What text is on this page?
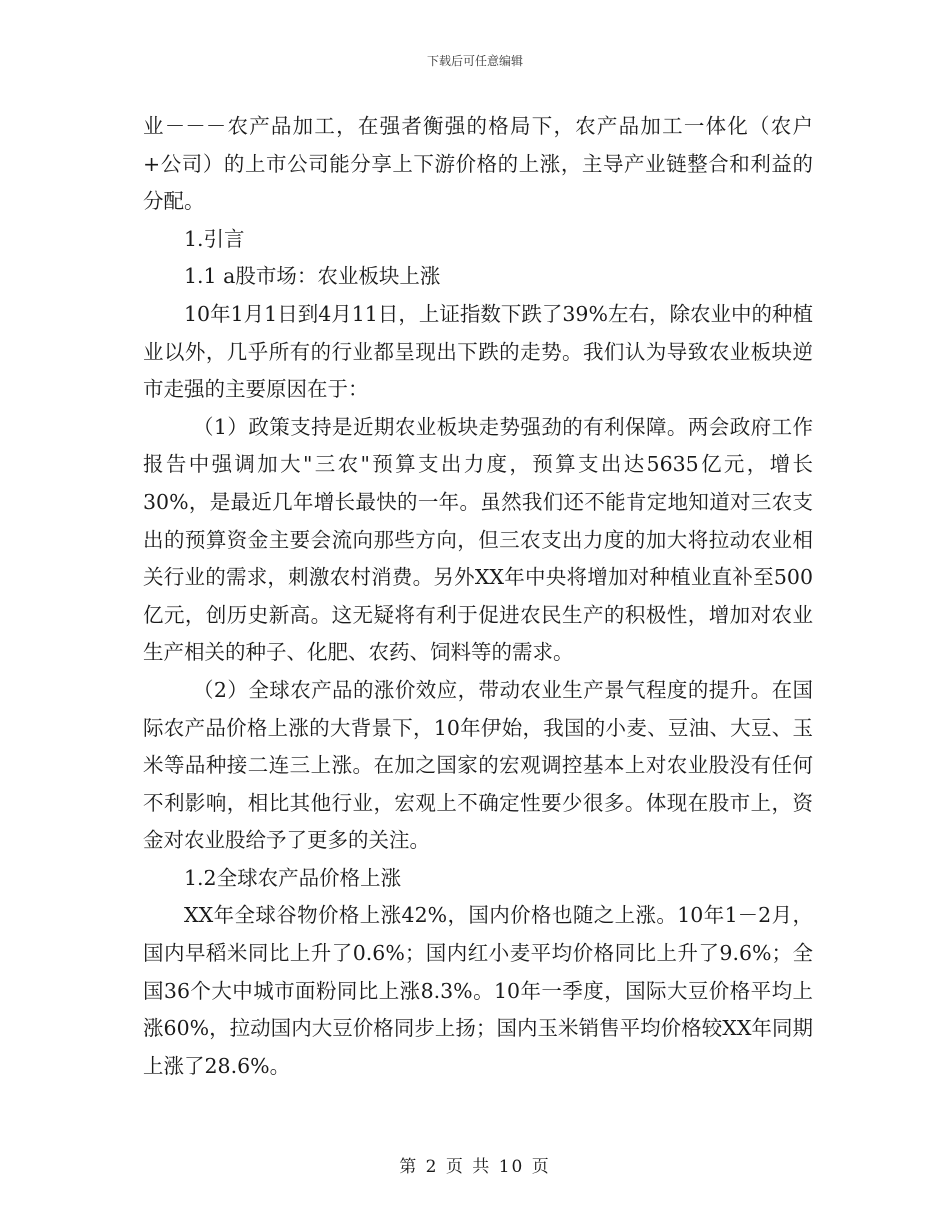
下载后可任意编辑

业－－－农产品加工，在强者衡强的格局下，农产品加工一体化（农户+公司）的上市公司能分享上下游价格的上涨，主导产业链整合和利益的分配。

1.引言

1.1 a股市场：农业板块上涨

10年1月1日到4月11日，上证指数下跌了39%左右，除农业中的种植业以外，几乎所有的行业都呈现出下跌的走势。我们认为导致农业板块逆市走强的主要原因在于：

（1）政策支持是近期农业板块走势强劲的有利保障。两会政府工作报告中强调加大"三农"预算支出力度，预算支出达5635亿元，增长30%，是最近几年增长最快的一年。虽然我们还不能肯定地知道对三农支出的预算资金主要会流向那些方向，但三农支出力度的加大将拉动农业相关行业的需求，刺激农村消费。另外XX年中央将增加对种植业直补至500亿元，创历史新高。这无疑将有利于促进农民生产的积极性，增加对农业生产相关的种子、化肥、农药、饲料等的需求。

（2）全球农产品的涨价效应，带动农业生产景气程度的提升。在国际农产品价格上涨的大背景下，10年伊始，我国的小麦、豆油、大豆、玉米等品种接二连三上涨。在加之国家的宏观调控基本上对农业股没有任何不利影响，相比其他行业，宏观上不确定性要少很多。体现在股市上，资金对农业股给予了更多的关注。

1.2全球农产品价格上涨

XX年全球谷物价格上涨42%，国内价格也随之上涨。10年1－2月，国内早稻米同比上升了0.6%；国内红小麦平均价格同比上升了9.6%；全国36个大中城市面粉同比上涨8.3%。10年一季度，国际大豆价格平均上涨60%，拉动国内大豆价格同步上扬；国内玉米销售平均价格较XX年同期上涨了28.6%。

第 2 页 共 10 页
